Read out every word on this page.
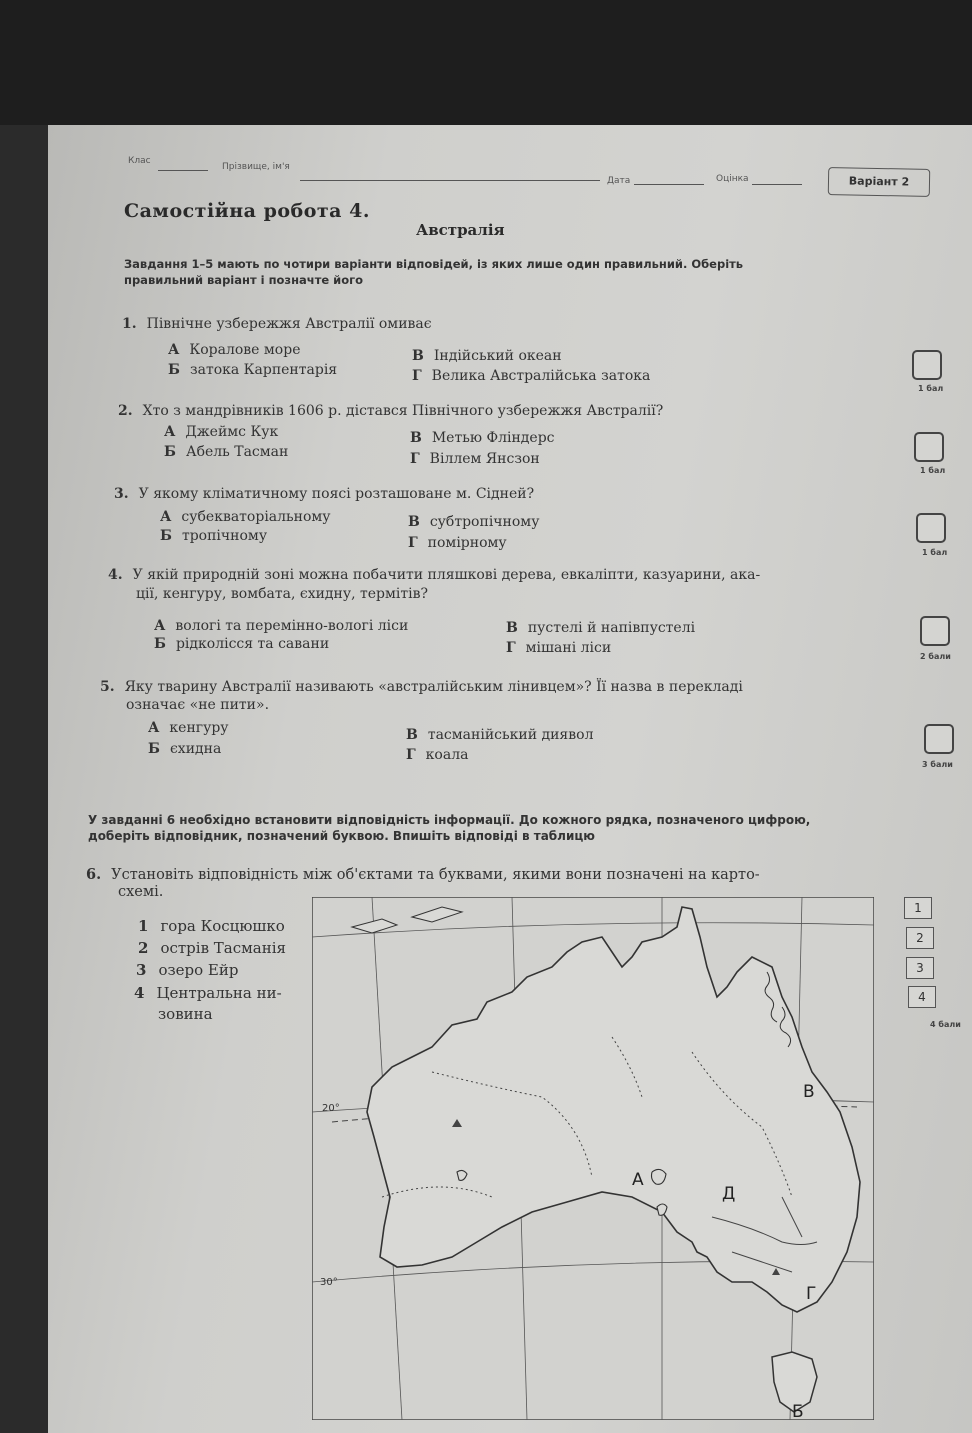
Клас
Прізвище, ім'я
Дата	Оцінка	Варіант 2
Самостійна робота 4.
Австралія
Завдання 1–5 мають по чотири варіанти відповідей, із яких лише один правильний. Оберіть правильний варіант і позначте його
1. Північне узбережжя Австралії омиває
А Коралове море
Б затока Карпентарія
В Індійський океан
Г Велика Австралійська затока
1 бал
2. Хто з мандрівників 1606 р. дістався Північного узбережжя Австралії?
А Джеймс Кук
Б Абель Тасман
В Метью Фліндерс
Г Віллем Янсзон
1 бал
3. У якому кліматичному поясі розташоване м. Сідней?
А субекваторіальному
Б тропічному
В субтропічному
Г помірному
1 бал
4. У якій природній зоні можна побачити пляшкові дерева, евкаліпти, казуарини, ака-
ції, кенгуру, вомбата, єхидну, термітів?
А вологі та перемінно-вологі ліси
Б рідколісся та савани
В пустелі й напівпустелі
Г мішані ліси
2 бали
5. Яку тварину Австралії називають «австралійським лінивцем»? Її назва в перекладі
означає «не пити».
А кенгуру
Б єхидна
В тасманійський диявол
Г коала
3 бали
У завданні 6 необхідно встановити відповідність інформації. До кожного рядка, позначеного цифрою, доберіть відповідник, позначений буквою. Впишіть відповіді в таблицю
6. Установіть відповідність між об'єктами та буквами, якими вони позначені на карто-
схемі.
1 гора Косцюшко
2 острів Тасманія
3 озеро Ейр
4 Центральна ни-
зовина
1
2
3
4
4 бали
20°
30°
А
Б
В
Г
Д
